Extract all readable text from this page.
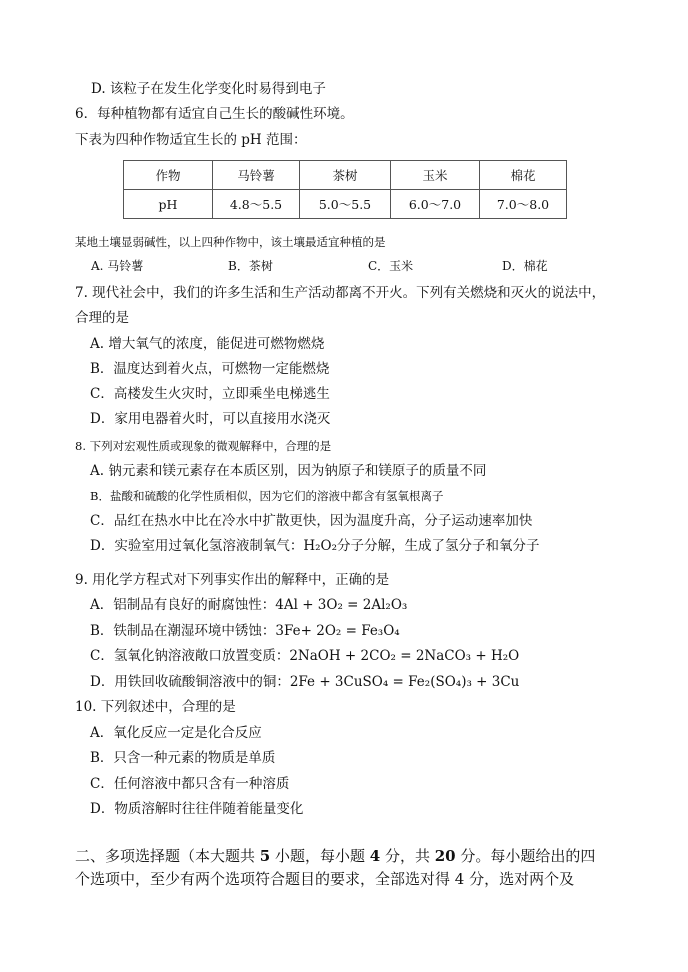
D. 该粒子在发生化学变化时易得到电子
6．每种植物都有适宜自己生长的酸碱性环境。
下表为四种作物适宜生长的 pH 范围：
作物	马铃薯	茶树	玉米	棉花
pH	4.8～5.5	5.0～5.5	6.0～7.0	7.0～8.0
某地土壤显弱碱性，以上四种作物中，该土壤最适宜种植的是
A. 马铃薯	B．茶树	C．玉米	D．棉花
7. 现代社会中，我们的许多生活和生产活动都离不开火。下列有关燃烧和灭火的说法中，
合理的是
A. 增大氧气的浓度，能促进可燃物燃烧
B．温度达到着火点，可燃物一定能燃烧
C．高楼发生火灾时，立即乘坐电梯逃生
D．家用电器着火时，可以直接用水浇灭
8. 下列对宏观性质或现象的微观解释中，合理的是
A. 钠元素和镁元素存在本质区别，因为钠原子和镁原子的质量不同
B．盐酸和硫酸的化学性质相似，因为它们的溶液中都含有氢氧根离子
C．品红在热水中比在冷水中扩散更快，因为温度升高，分子运动速率加快
D．实验室用过氧化氢溶液制氧气：H₂O₂分子分解，生成了氢分子和氧分子
9. 用化学方程式对下列事实作出的解释中，正确的是
A．铝制品有良好的耐腐蚀性：4Al + 3O₂ = 2Al₂O₃
B．铁制品在潮湿环境中锈蚀：3Fe+ 2O₂ = Fe₃O₄
C．氢氧化钠溶液敞口放置变质：2NaOH + 2CO₂ = 2NaCO₃ + H₂O
D．用铁回收硫酸铜溶液中的铜：2Fe + 3CuSO₄ = Fe₂(SO₄)₃ + 3Cu
10. 下列叙述中，合理的是
A．氧化反应一定是化合反应
B．只含一种元素的物质是单质
C．任何溶液中都只含有一种溶质
D．物质溶解时往往伴随着能量变化
二、多项选择题（本大题共 5 小题，每小题 4 分，共 20 分。每小题给出的四
个选项中，至少有两个选项符合题目的要求，全部选对得 4 分，选对两个及
